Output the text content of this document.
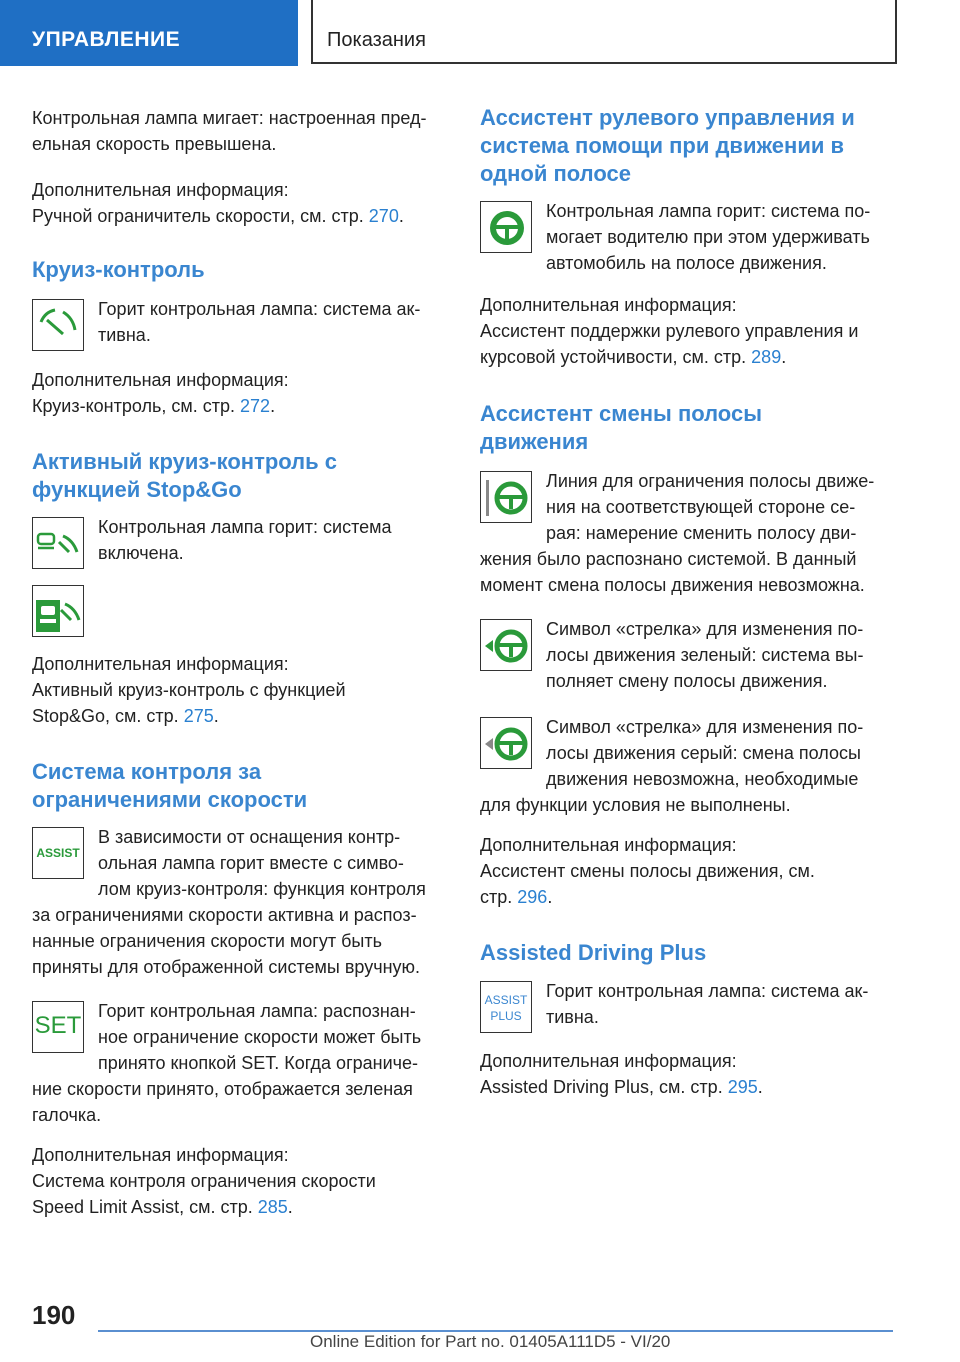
УПРАВЛЕНИЕ	Показания

Контрольная лампа мигает: настроенная пред-

ельная скорость превышена.

Дополнительная информация:

Ручной ограничитель скорости, см. стр. 270.

Круиз-контроль

Горит контрольная лампа: система ак-

тивна.

Дополнительная информация:

Круиз-контроль, см. стр. 272.

Активный круиз-контроль с
функцией Stop&Go

Контрольная лампа горит: система

включена.

Дополнительная информация:

Активный круиз-контроль с функцией

Stop&Go, см. стр. 275.

Система контроля за
ограничениями скорости
ASSIST

В зависимости от оснащения контр-

ольная лампа горит вместе с симво-

лом круиз-контроля: функция контроля

за ограничениями скорости активна и распоз-

нанные ограничения скорости могут быть

приняты для отображенной системы вручную.

SET

Горит контрольная лампа: распознан-

ное ограничение скорости может быть

принято кнопкой SET. Когда ограниче-

ние скорости принято, отображается зеленая

галочка.

Дополнительная информация:

Система контроля ограничения скорости

Speed Limit Assist, см. стр. 285.

Ассистент рулевого управления и
система помощи при движении в
одной полосе

Контрольная лампа горит: система по-

могает водителю при этом удерживать

автомобиль на полосе движения.

Дополнительная информация:

Ассистент поддержки рулевого управления и

курсовой устойчивости, см. стр. 289.

Ассистент смены полосы
движения

Линия для ограничения полосы движе-

ния на соответствующей стороне се-

рая: намерение сменить полосу дви-

жения было распознано системой. В данный

момент смена полосы движения невозможна.

Символ «стрелка» для изменения по-

лосы движения зеленый: система вы-

полняет смену полосы движения.

Символ «стрелка» для изменения по-

лосы движения серый: смена полосы

движения невозможна, необходимые

для функции условия не выполнены.

Дополнительная информация:

Ассистент смены полосы движения, см.

стр. 296.

Assisted Driving Plus
ASSIST
PLUS

Горит контрольная лампа: система ак-

тивна.

Дополнительная информация:

Assisted Driving Plus, см. стр. 295.

190
Online Edition for Part no. 01405A111D5 - VI/20
